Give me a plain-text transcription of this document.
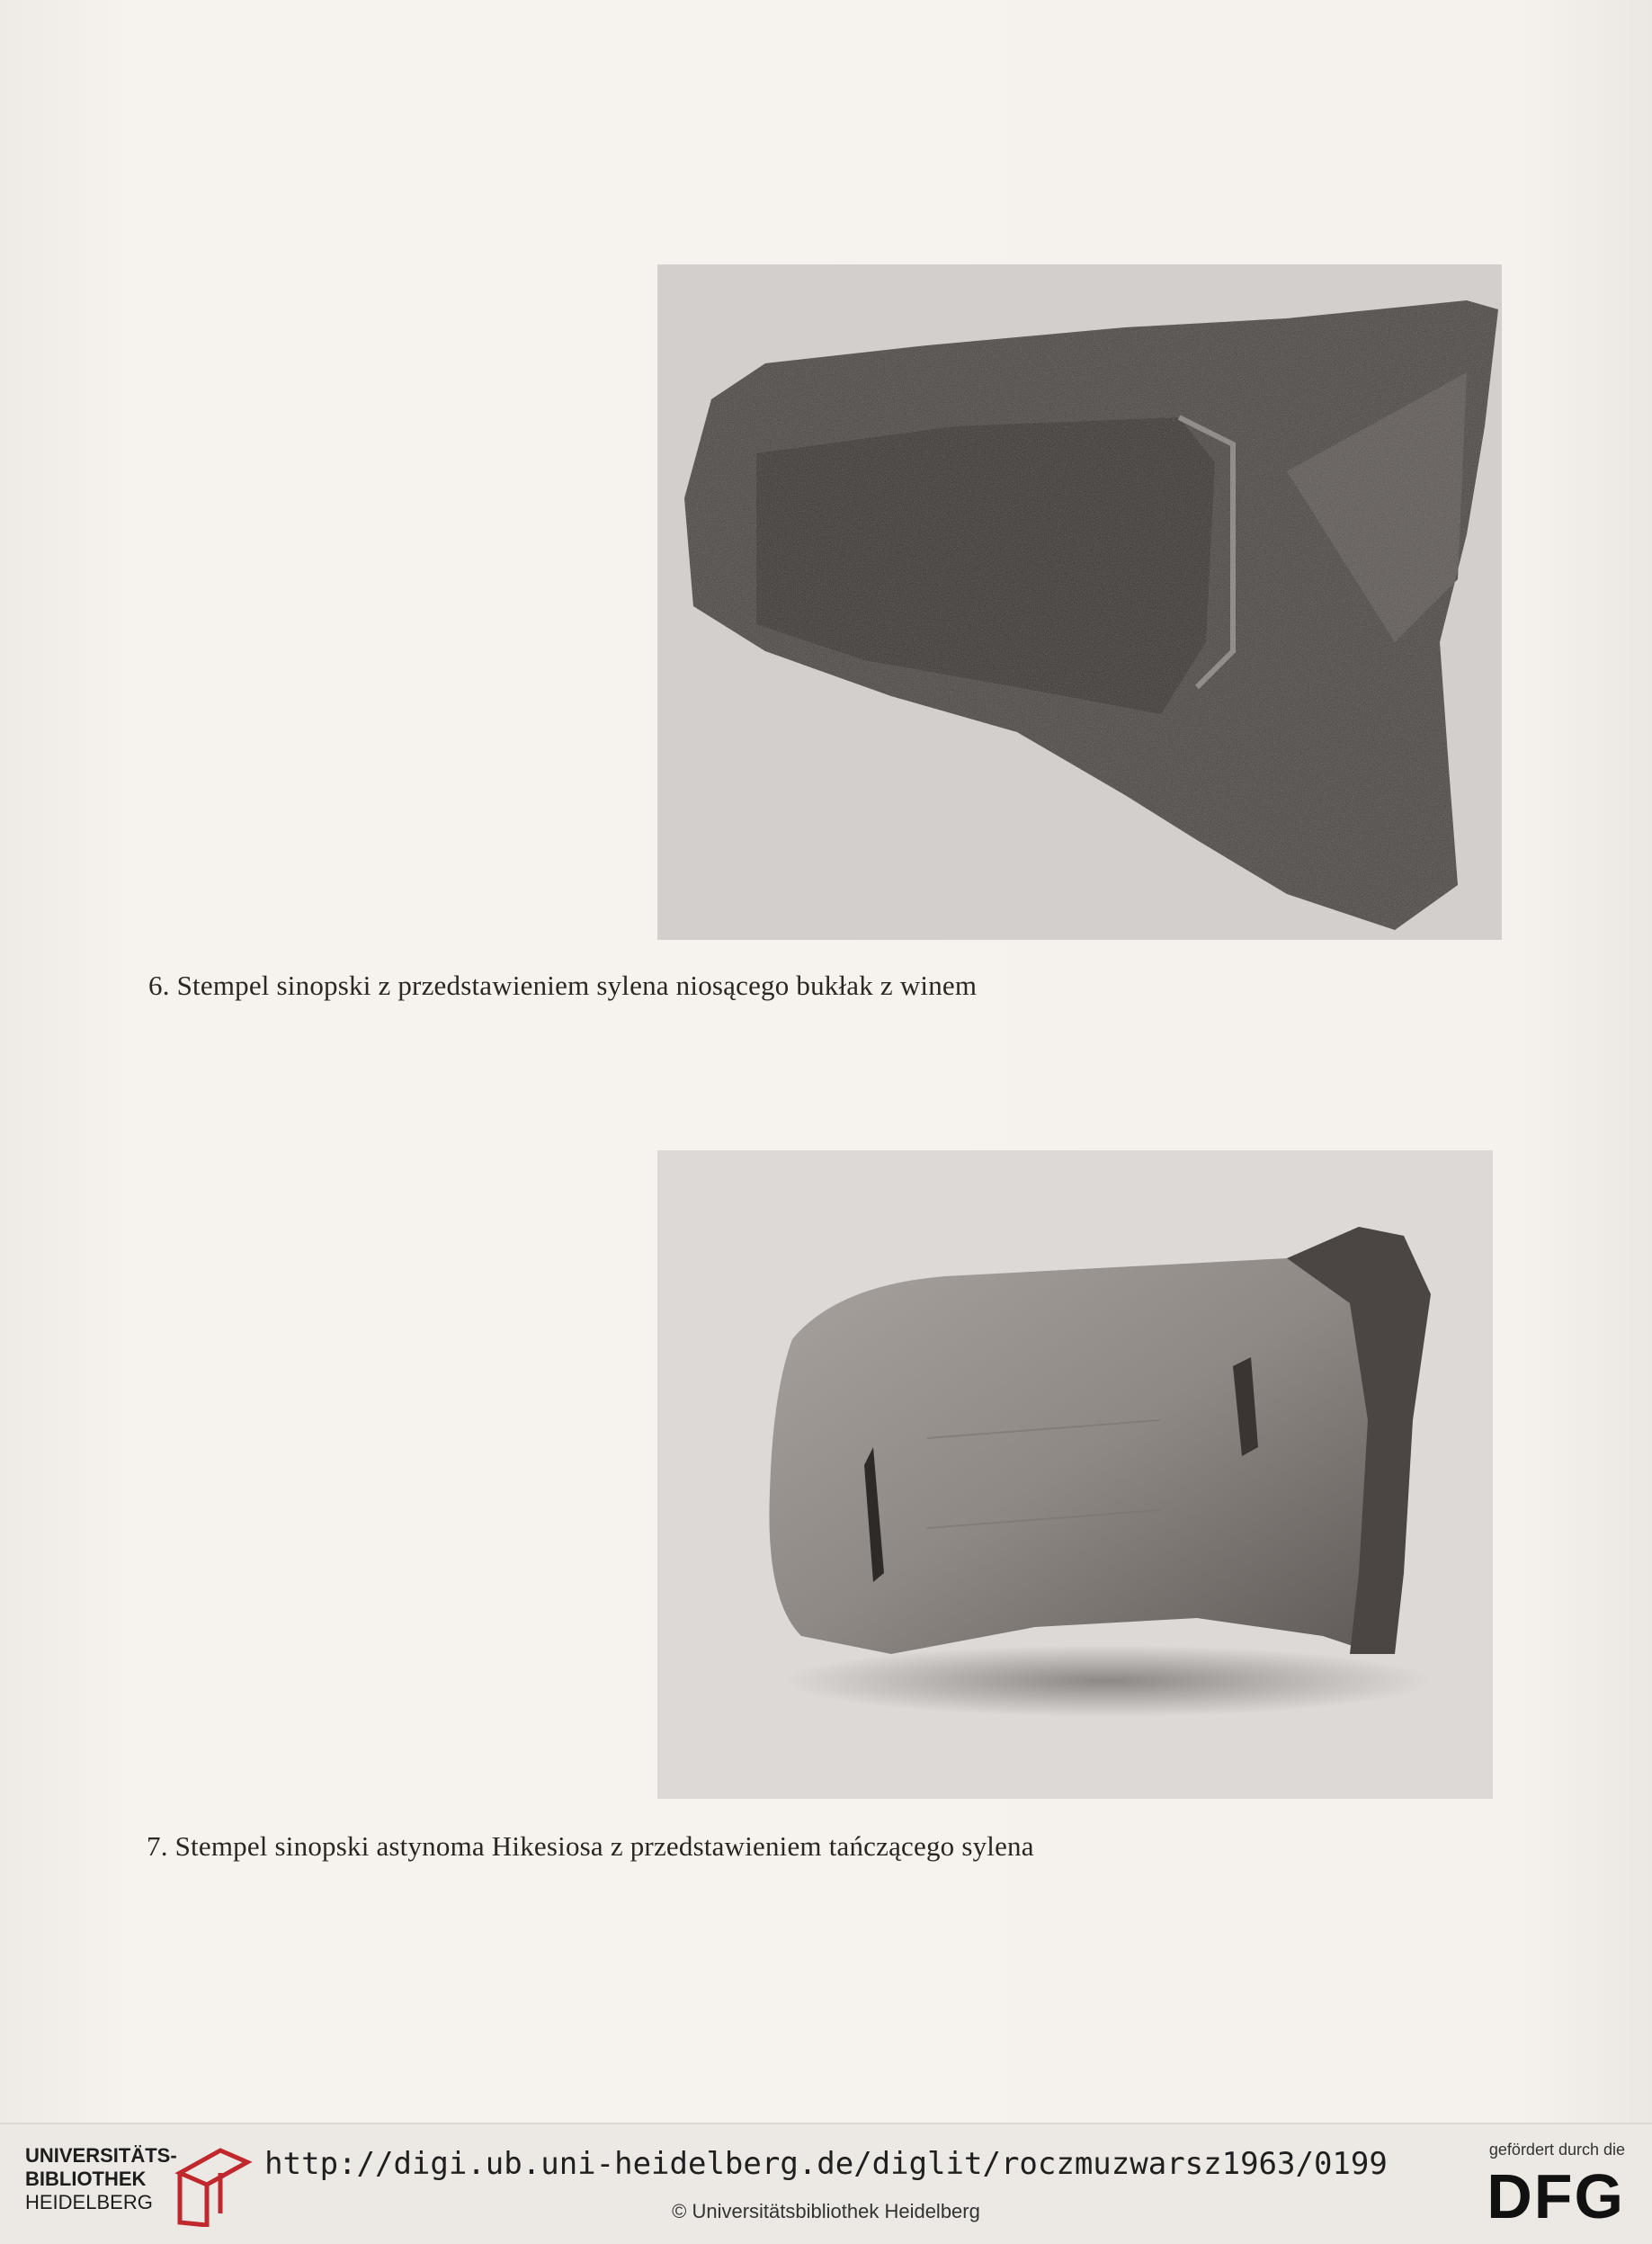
6. Stempel sinopski z przedstawieniem sylena niosącego bukłak z winem
7. Stempel sinopski astynoma Hikesiosa z przedstawieniem tańczącego sylena
UNIVERSITÄTS-
BIBLIOTHEK
HEIDELBERG
http://digi.ub.uni-heidelberg.de/diglit/roczmuzwarsz1963/0199
© Universitätsbibliothek Heidelberg
gefördert durch die
DFG
